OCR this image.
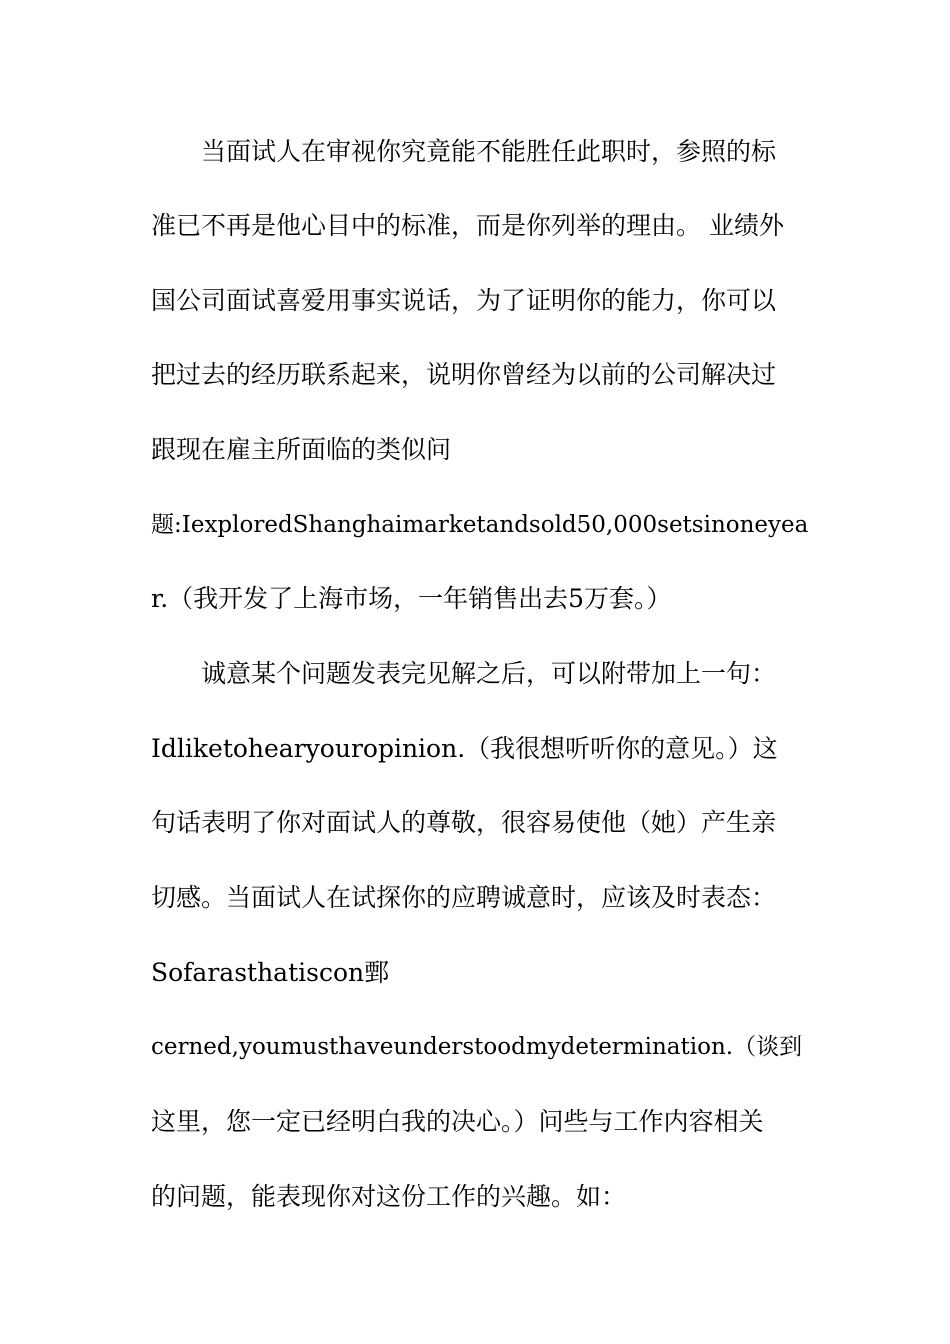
当面试人在审视你究竟能不能胜任此职时，参照的标
准已不再是他心目中的标准，而是你列举的理由。 业绩外
国公司面试喜爱用事实说话，为了证明你的能力，你可以
把过去的经历联系起来，说明你曾经为以前的公司解决过
跟现在雇主所面临的类似问
题:IexploredShanghaimarketandsold50,000setsinoneyea
r.（我开发了上海市场，一年销售出去5万套。）
诚意某个问题发表完见解之后，可以附带加上一句：
Idliketohearyouropinion.（我很想听听你的意见。）这
句话表明了你对面试人的尊敬，很容易使他（她）产生亲
切感。当面试人在试探你的应聘诚意时，应该及时表态：
Sofarasthatiscon鄄
cerned,youmusthaveunderstoodmydetermination.（谈到
这里，您一定已经明白我的决心。）问些与工作内容相关
的问题，能表现你对这份工作的兴趣。如：
